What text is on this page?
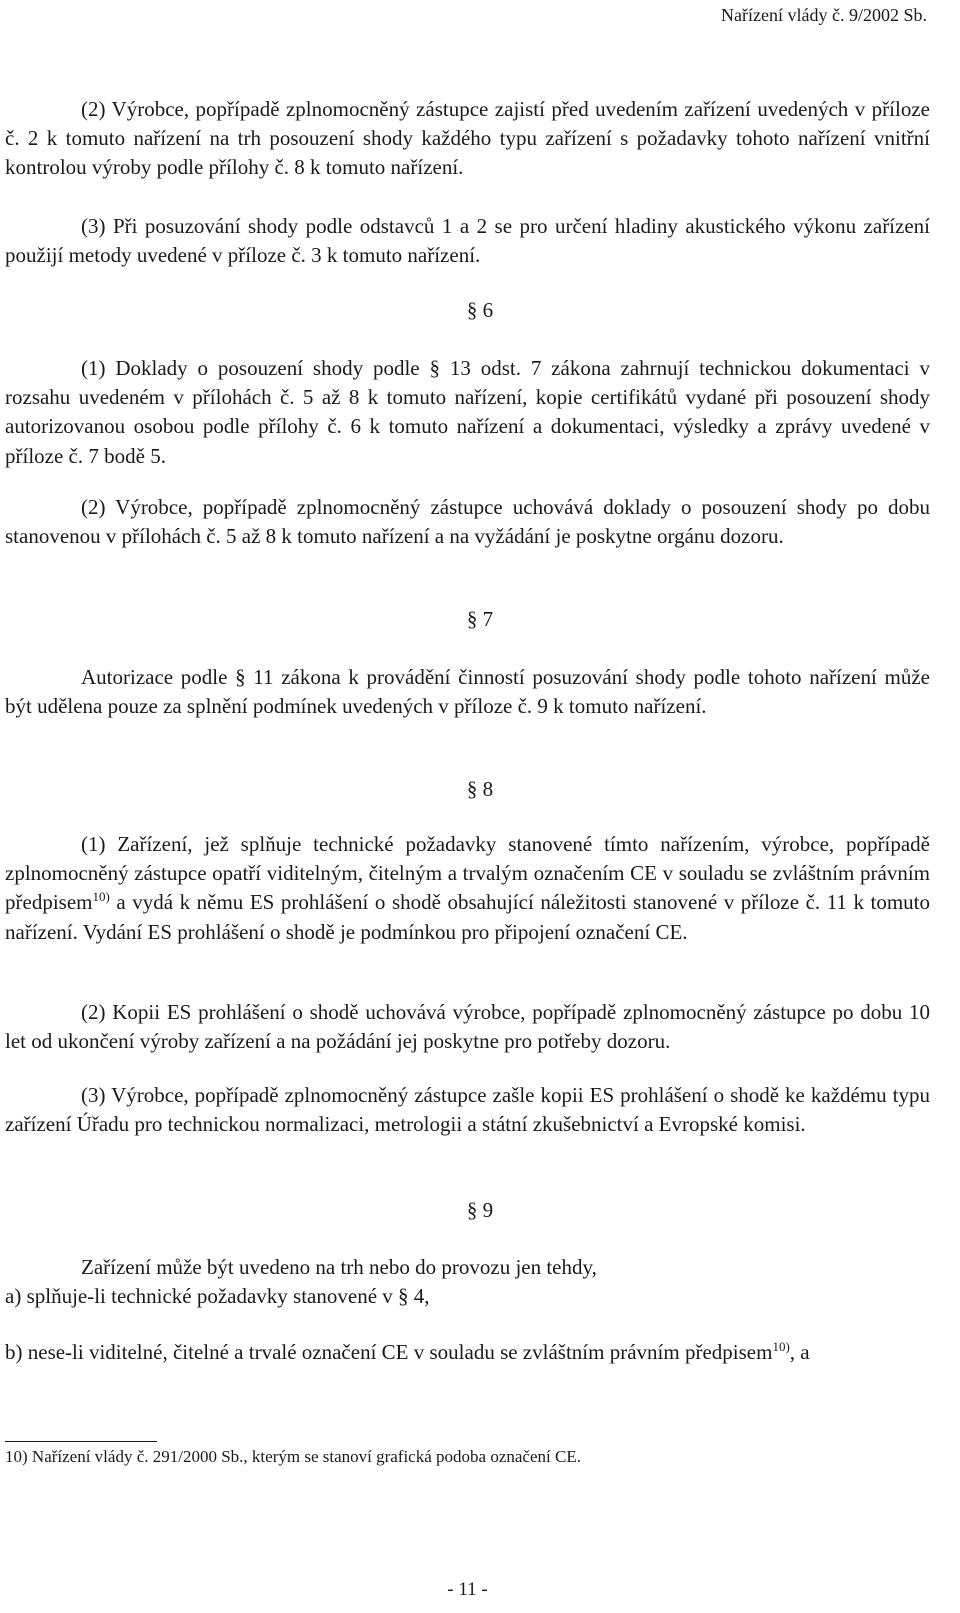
Nařízení vlády č. 9/2002 Sb.

(2) Výrobce, popřípadě zplnomocněný zástupce zajistí před uvedením zařízení uvedených v příloze č. 2 k tomuto nařízení na trh posouzení shody každého typu zařízení s požadavky tohoto nařízení vnitřní kontrolou výroby podle přílohy č. 8 k tomuto nařízení.

(3) Při posuzování shody podle odstavců 1 a 2 se pro určení hladiny akustického výkonu zařízení použijí metody uvedené v příloze č. 3 k tomuto nařízení.

§ 6

(1) Doklady o posouzení shody podle § 13 odst. 7 zákona zahrnují technickou dokumentaci v rozsahu uvedeném v přílohách č. 5 až 8 k tomuto nařízení, kopie certifikátů vydané při posouzení shody autorizovanou osobou podle přílohy č. 6 k tomuto nařízení a dokumentaci, výsledky a zprávy uvedené v příloze č. 7 bodě 5.

(2) Výrobce, popřípadě zplnomocněný zástupce uchovává doklady o posouzení shody po dobu stanovenou v přílohách č. 5 až 8 k tomuto nařízení a na vyžádání je poskytne orgánu dozoru.

§ 7

Autorizace podle § 11 zákona k provádění činností posuzování shody podle tohoto nařízení může být udělena pouze za splnění podmínek uvedených v příloze č. 9 k tomuto nařízení.

§ 8

(1) Zařízení, jež splňuje technické požadavky stanovené tímto nařízením, výrobce, popřípadě zplnomocněný zástupce opatří viditelným, čitelným a trvalým označením CE v souladu se zvláštním právním předpisem$^{10)}$ a vydá k němu ES prohlášení o shodě obsahující náležitosti stanovené v příloze č. 11 k tomuto nařízení. Vydání ES prohlášení o shodě je podmínkou pro připojení označení CE.

(2) Kopii ES prohlášení o shodě uchovává výrobce, popřípadě zplnomocněný zástupce po dobu 10 let od ukončení výroby zařízení a na požádání jej poskytne pro potřeby dozoru.

(3) Výrobce, popřípadě zplnomocněný zástupce zašle kopii ES prohlášení o shodě ke každému typu zařízení Úřadu pro technickou normalizaci, metrologii a státní zkušebnictví a Evropské komisi.

§ 9

Zařízení může být uvedeno na trh nebo do provozu jen tehdy,

a) splňuje-li technické požadavky stanovené v § 4,

b) nese-li viditelné, čitelné a trvalé označení CE v souladu se zvláštním právním předpisem$^{10)}$, a

10) Nařízení vlády č. 291/2000 Sb., kterým se stanoví grafická podoba označení CE.
- 11 -
